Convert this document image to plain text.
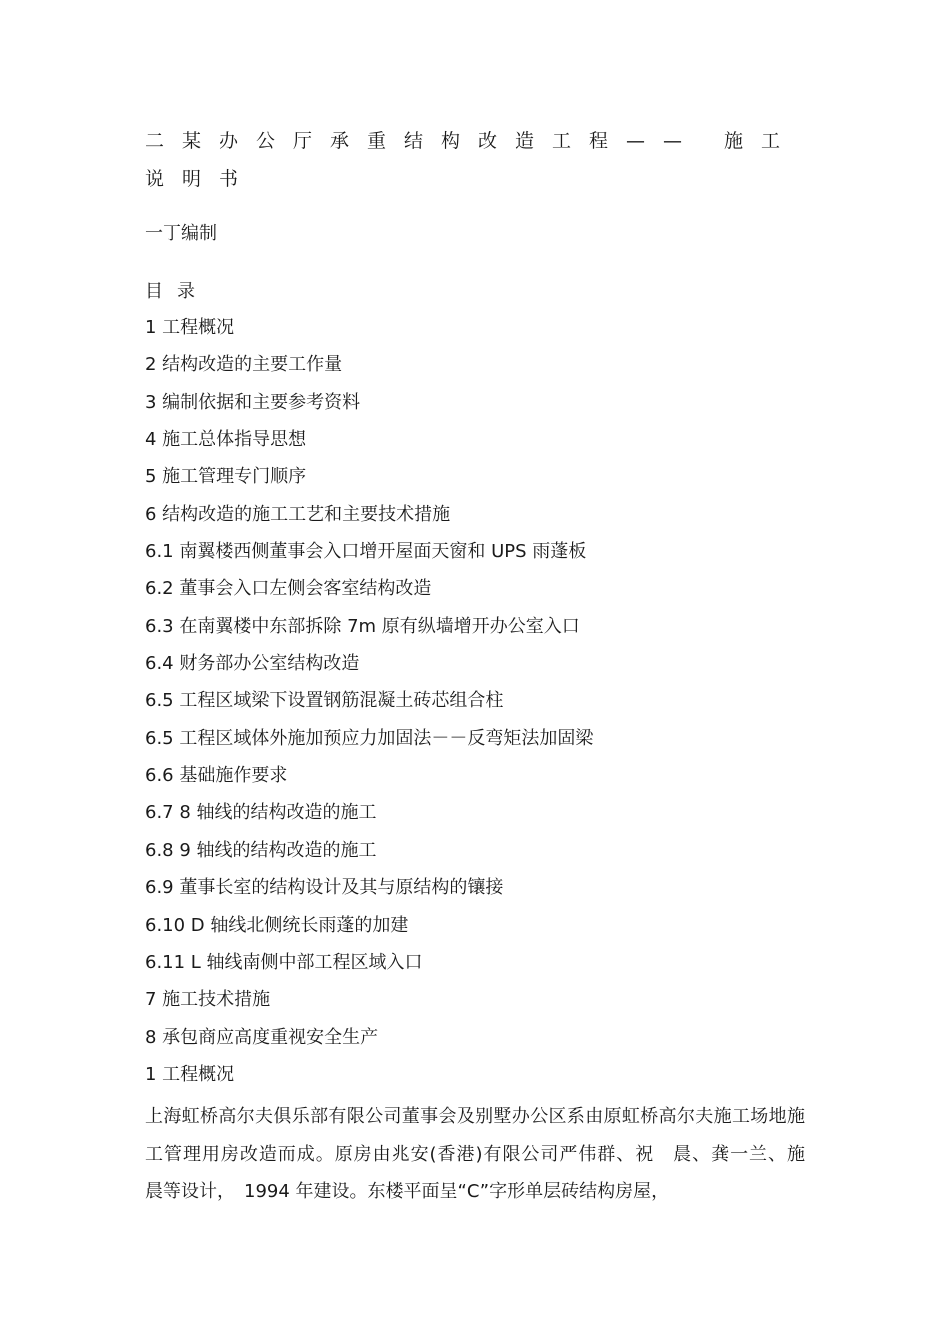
二某办公厅承重结构改造工程—— 施工说明书

一丁编制

目录
1 工程概况
2 结构改造的主要工作量
3 编制依据和主要参考资料
4 施工总体指导思想
5 施工管理专门顺序
6 结构改造的施工工艺和主要技术措施
6.1 南翼楼西侧董事会入口增开屋面天窗和 UPS 雨蓬板
6.2 董事会入口左侧会客室结构改造
6.3 在南翼楼中东部拆除 7m 原有纵墙增开办公室入口
6.4 财务部办公室结构改造
6.5 工程区域梁下设置钢筋混凝土砖芯组合柱
6.5 工程区域体外施加预应力加固法－－反弯矩法加固梁
6.6 基础施作要求
6.7 8 轴线的结构改造的施工
6.8 9 轴线的结构改造的施工
6.9 董事长室的结构设计及其与原结构的镶接
6.10 D 轴线北侧统长雨蓬的加建
6.11 L 轴线南侧中部工程区域入口
7 施工技术措施
8 承包商应高度重视安全生产
1 工程概况

上海虹桥高尔夫俱乐部有限公司董事会及别墅办公区系由原虹桥高尔夫施工场地施工管理用房改造而成。原房由兆安(香港)有限公司严伟群、祝　晨、龚一兰、施　晨等设计，　1994 年建设。东楼平面呈“C”字形单层砖结构房屋，
